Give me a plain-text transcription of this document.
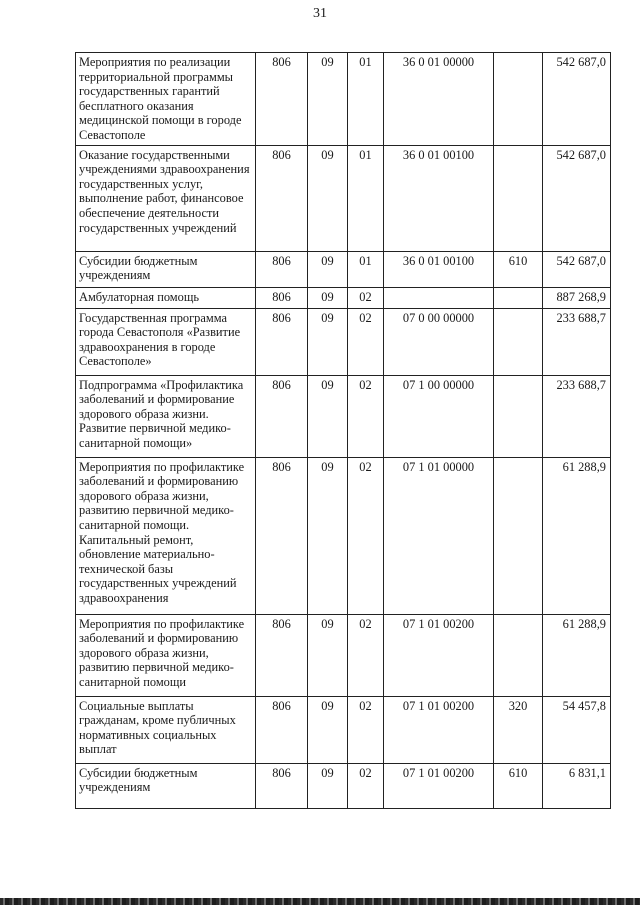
31
Мероприятия по реализации территориальной программы государственных гарантий бесплатного оказания медицинской помощи в городе Севастополе	806	09	01	36 0 01 00000		542 687,0
Оказание государственными учреждениями здравоохранения государственных услуг, выполнение работ, финансовое обеспечение деятельности государственных учреждений	806	09	01	36 0 01 00100		542 687,0
Субсидии бюджетным учреждениям	806	09	01	36 0 01 00100	610	542 687,0
Амбулаторная помощь	806	09	02			887 268,9
Государственная программа города Севастополя «Развитие здравоохранения в городе Севастополе»	806	09	02	07 0 00 00000		233 688,7
Подпрограмма «Профилактика заболеваний и формирование здорового образа жизни. Развитие первичной медико-санитарной помощи»	806	09	02	07 1 00 00000		233 688,7
Мероприятия по профилактике заболеваний и формированию здорового образа жизни, развитию первичной медико-санитарной помощи. Капитальный ремонт, обновление материально-технической базы государственных учреждений здравоохранения	806	09	02	07 1 01 00000		61 288,9
Мероприятия по профилактике заболеваний и формированию здорового образа жизни, развитию первичной медико-санитарной помощи	806	09	02	07 1 01 00200		61 288,9
Социальные выплаты гражданам, кроме публичных нормативных социальных выплат	806	09	02	07 1 01 00200	320	54 457,8
Субсидии бюджетным учреждениям	806	09	02	07 1 01 00200	610	6 831,1
